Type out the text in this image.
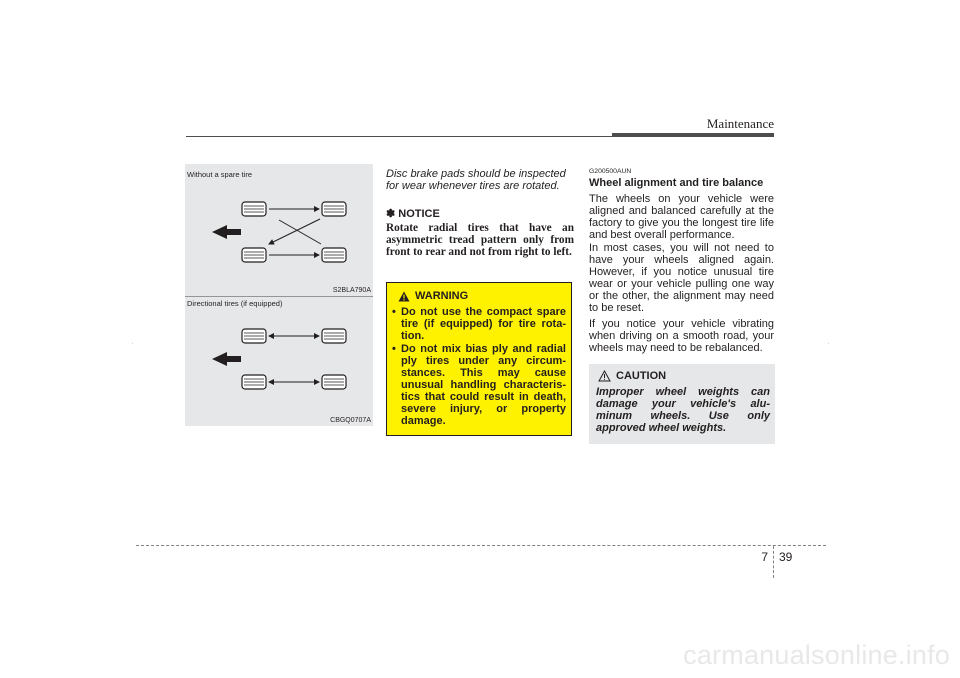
Maintenance
Without a spare tire
S2BLA790A
Directional tires (if equipped)
CBGQ0707A
Disc brake pads should be inspected for wear whenever tires are rotated.
✽ NOTICE
Rotate radial tires that have an asymmetric tread pattern only from front to rear and not from right to left.
WARNING
• Do not use the compact spare tire (if equipped) for tire rota-tion.
• Do not mix bias ply and radial ply tires under any circum-stances. This may cause unusual handling characteris-tics that could result in death, severe injury, or property damage.
G200500AUN
Wheel alignment and tire balance
The wheels on your vehicle were aligned and balanced carefully at the factory to give you the longest tire life and best overall performance.
In most cases, you will not need to have your wheels aligned again. However, if you notice unusual tire wear or your vehicle pulling one way or the other, the alignment may need to be reset.
If you notice your vehicle vibrating when driving on a smooth road, your wheels may need to be rebalanced.
CAUTION
Improper wheel weights can damage your vehicle's alu-minum wheels. Use only approved wheel weights.
7 39
carmanualsonline.info
